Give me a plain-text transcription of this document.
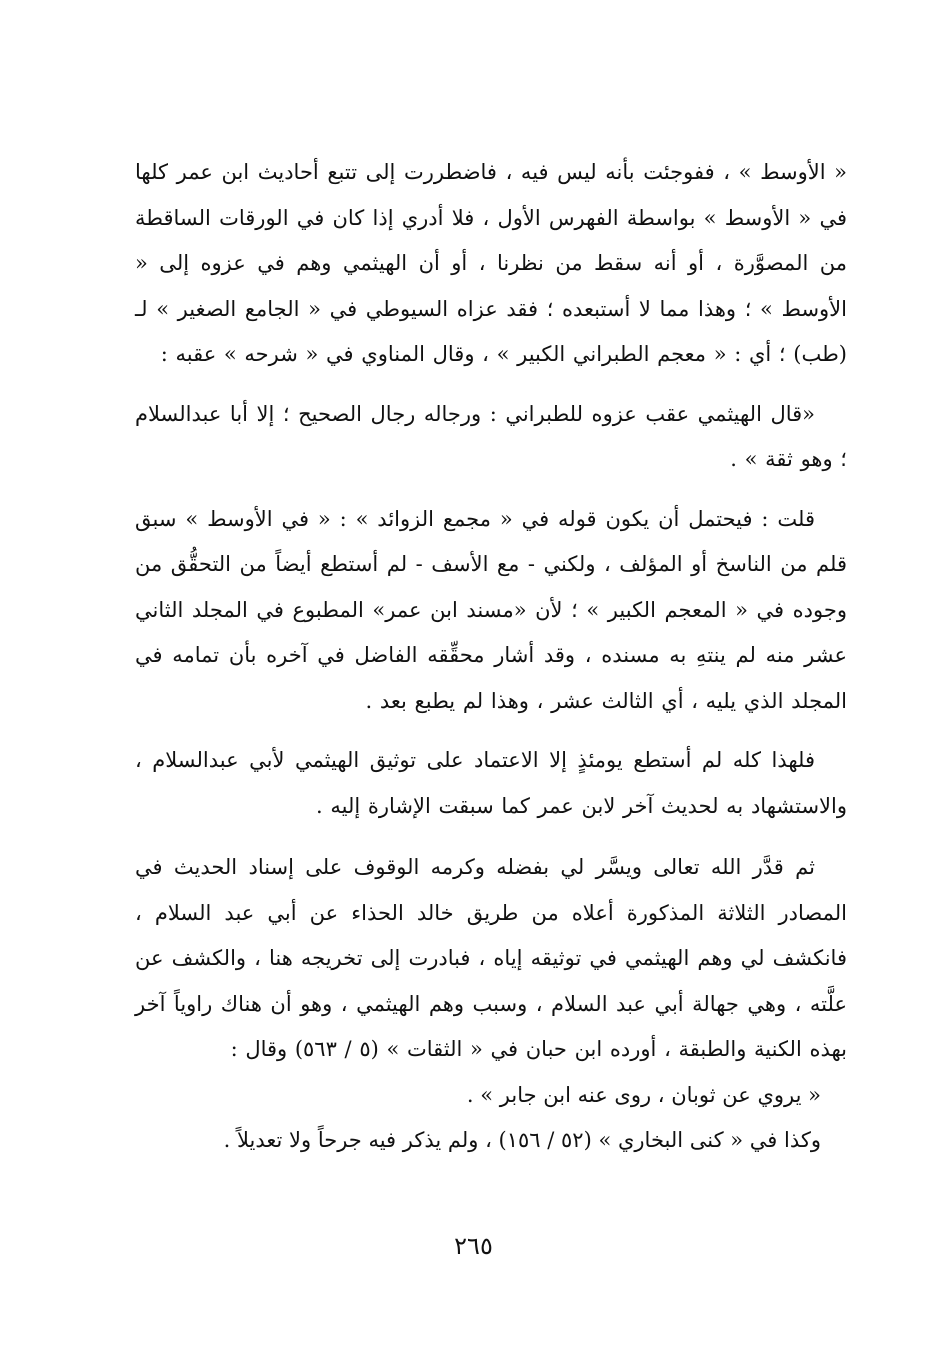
« الأوسط » ، ففوجئت بأنه ليس فيه ، فاضطررت إلى تتبع أحاديث ابن عمر كلها في « الأوسط » بواسطة الفهرس الأول ، فلا أدري إذا كان في الورقات الساقطة من المصوَّرة ، أو أنه سقط من نظرنا ، أو أن الهيثمي وهم في عزوه إلى « الأوسط » ؛ وهذا مما لا أستبعده ؛ فقد عزاه السيوطي في « الجامع الصغير » لـ (طب) ؛ أي : « معجم الطبراني الكبير » ، وقال المناوي في « شرحه » عقبه :

«قال الهيثمي عقب عزوه للطبراني : ورجاله رجال الصحيح ؛ إلا أبا عبدالسلام ؛ وهو ثقة » .

قلت : فيحتمل أن يكون قوله في « مجمع الزوائد » : « في الأوسط » سبق قلم من الناسخ أو المؤلف ، ولكني - مع الأسف - لم أستطع أيضاً من التحقُّق من وجوده في « المعجم الكبير » ؛ لأن «مسند ابن عمر» المطبوع في المجلد الثاني عشر منه لم ينتهِ به مسنده ، وقد أشار محقِّقه الفاضل في آخره بأن تمامه في المجلد الذي يليه ، أي الثالث عشر ، وهذا لم يطبع بعد .

فلهذا كله لم أستطع يومئذٍ إلا الاعتماد على توثيق الهيثمي لأبي عبدالسلام ، والاستشهاد به لحديث آخر لابن عمر كما سبقت الإشارة إليه .

ثم قدَّر الله تعالى ويسَّر لي بفضله وكرمه الوقوف على إسناد الحديث في المصادر الثلاثة المذكورة أعلاه من طريق خالد الحذاء عن أبي عبد السلام ، فانكشف لي وهم الهيثمي في توثيقه إياه ، فبادرت إلى تخريجه هنا ، والكشف عن علَّته ، وهي جهالة أبي عبد السلام ، وسبب وهم الهيثمي ، وهو أن هناك راوياً آخر بهذه الكنية والطبقة ، أورده ابن حبان في « الثقات » (٥ / ٥٦٣) وقال :

« يروي عن ثوبان ، روى عنه ابن جابر » .

وكذا في « كنى البخاري » (٥٢ / ١٥٦) ، ولم يذكر فيه جرحاً ولا تعديلاً .

٢٦٥
